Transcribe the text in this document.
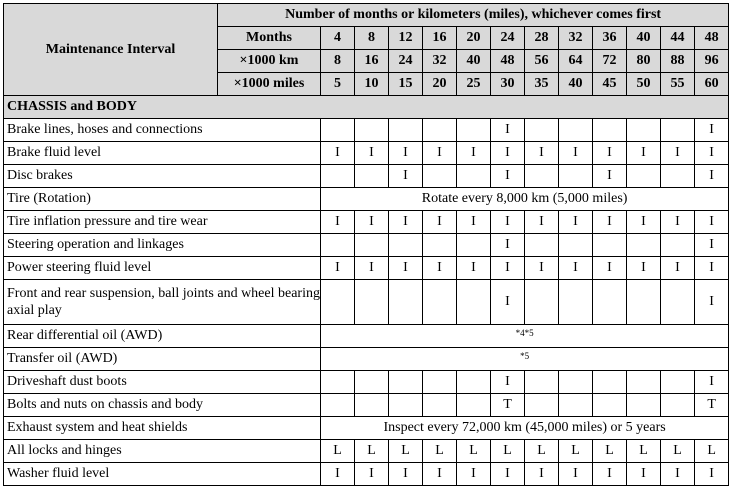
Maintenance Interval	Number of months or kilometers (miles), whichever comes first												
	Months	4	8	12	16	20	24	28	32	36	40	44	48
	×1000 km	8	16	24	32	40	48	56	64	72	80	88	96
	×1000 miles	5	10	15	20	25	30	35	40	45	50	55	60
CHASSIS and BODY													
Brake lines, hoses and connections							I						I
Brake fluid level		I	I	I	I	I	I	I	I	I	I	I	I
Disc brakes				I			I			I			I
Tire (Rotation)		Rotate every 8,000 km (5,000 miles)											
Tire inflation pressure and tire wear		I	I	I	I	I	I	I	I	I	I	I	I
Steering operation and linkages							I						I
Power steering fluid level		I	I	I	I	I	I	I	I	I	I	I	I
Front and rear suspension, ball joints and wheel bearing axial play							I						I
Rear differential oil (AWD)		*4*5											
Transfer oil (AWD)		*5											
Driveshaft dust boots							I						I
Bolts and nuts on chassis and body							T						T
Exhaust system and heat shields		Inspect every 72,000 km (45,000 miles) or 5 years											
All locks and hinges		L	L	L	L	L	L	L	L	L	L	L	L
Washer fluid level		I	I	I	I	I	I	I	I	I	I	I	I
